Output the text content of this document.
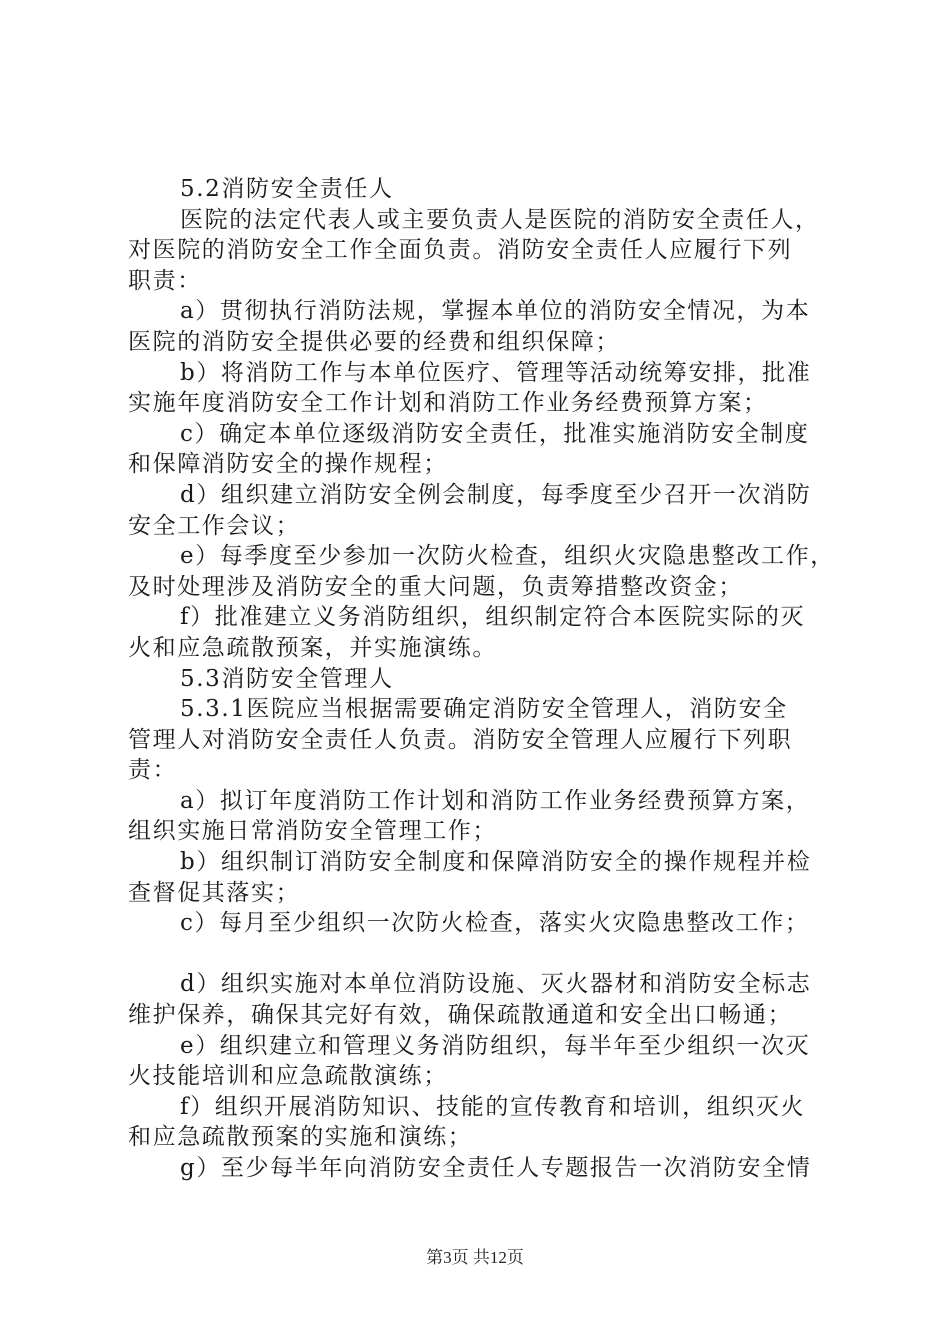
5.2消防安全责任人
医院的法定代表人或主要负责人是医院的消防安全责任人，
对医院的消防安全工作全面负责。消防安全责任人应履行下列
职责：
a）贯彻执行消防法规，掌握本单位的消防安全情况，为本
医院的消防安全提供必要的经费和组织保障；
b）将消防工作与本单位医疗、管理等活动统筹安排，批准
实施年度消防安全工作计划和消防工作业务经费预算方案；
c）确定本单位逐级消防安全责任，批准实施消防安全制度
和保障消防安全的操作规程；
d）组织建立消防安全例会制度，每季度至少召开一次消防
安全工作会议；
e）每季度至少参加一次防火检查，组织火灾隐患整改工作，
及时处理涉及消防安全的重大问题，负责筹措整改资金；
f）批准建立义务消防组织，组织制定符合本医院实际的灭
火和应急疏散预案，并实施演练。
5.3消防安全管理人
5.3.1医院应当根据需要确定消防安全管理人，消防安全
管理人对消防安全责任人负责。消防安全管理人应履行下列职
责：
a）拟订年度消防工作计划和消防工作业务经费预算方案，
组织实施日常消防安全管理工作；
b）组织制订消防安全制度和保障消防安全的操作规程并检
查督促其落实；
c）每月至少组织一次防火检查，落实火灾隐患整改工作；
d）组织实施对本单位消防设施、灭火器材和消防安全标志
维护保养，确保其完好有效，确保疏散通道和安全出口畅通；
e）组织建立和管理义务消防组织，每半年至少组织一次灭
火技能培训和应急疏散演练；
f）组织开展消防知识、技能的宣传教育和培训，组织灭火
和应急疏散预案的实施和演练；
g）至少每半年向消防安全责任人专题报告一次消防安全情
第3页 共12页
